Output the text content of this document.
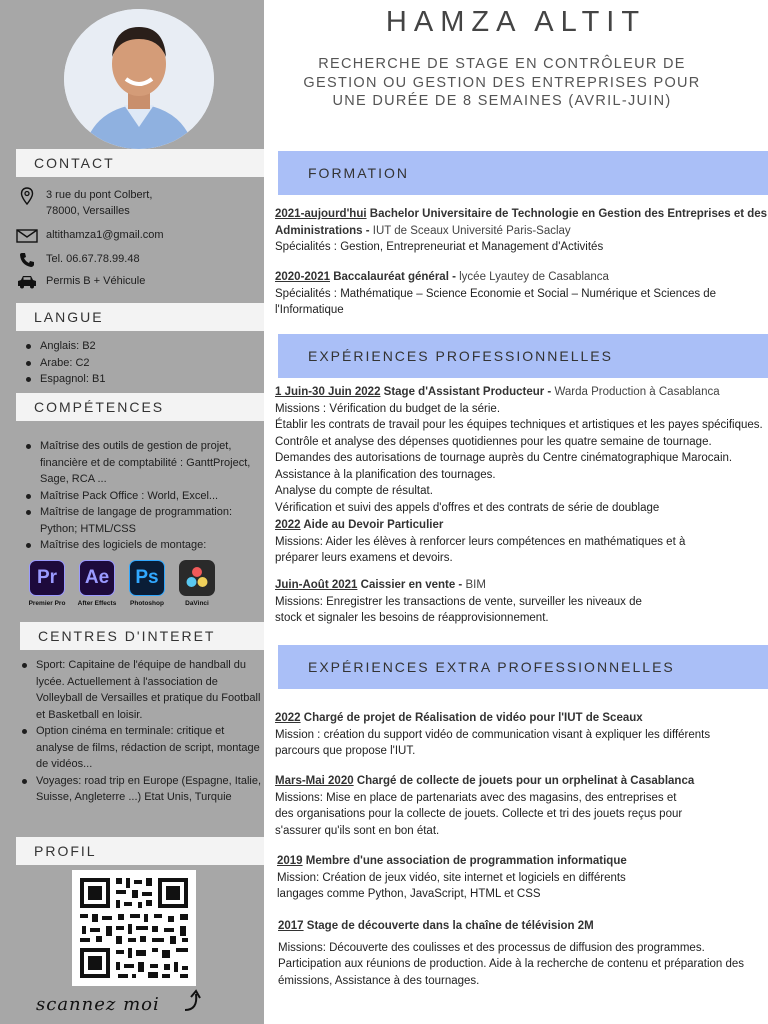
CONTACT
3 rue du pont Colbert,
78000, Versailles
altithamza1@gmail.com
Tel. 06.67.78.99.48
Permis B + Véhicule
LANGUE
Anglais: B2
Arabe: C2
Espagnol: B1
COMPÉTENCES
Maîtrise des outils de gestion de projet, financière et de comptabilité : GanttProject, Sage, RCA ...
Maîtrise Pack Office : World, Excel...
Maîtrise de langage de programmation: Python; HTML/CSS
Maîtrise des logiciels de montage:
Pr
Premier Pro
Ae
After Effects
Ps
Photoshop	DaVinci
CENTRES D'INTERET
Sport: Capitaine de l'équipe de handball du lycée. Actuellement à l'association de Volleyball de Versailles et pratique du Football et Basketball en loisir.
Option cinéma en terminale: critique et analyse de films, rédaction de script, montage de vidéos...
Voyages: road trip en Europe (Espagne, Italie, Suisse, Angleterre ...) Etat Unis, Turquie
PROFIL
scannez moi
HAMZA ALTIT
RECHERCHE DE STAGE EN CONTRÔLEUR DE GESTION OU GESTION DES ENTREPRISES POUR UNE DURÉE DE 8 SEMAINES (AVRIL-JUIN)
FORMATION

2021-aujourd'hui Bachelor Universitaire de Technologie en Gestion des Entreprises et des Administrations - IUT de Sceaux Université Paris-Saclay

Spécialités : Gestion, Entrepreneuriat et Management d'Activités

2020-2021 Baccalauréat général - lycée Lyautey de Casablanca

Spécialités : Mathématique – Science Economie et Social – Numérique et Sciences de l'Informatique

EXPÉRIENCES PROFESSIONNELLES

1 Juin-30 Juin 2022 Stage d'Assistant Producteur - Warda Production à Casablanca

Missions : Vérification du budget de la série.

Établir les contrats de travail pour les équipes techniques et artistiques et les payes spécifiques.

Contrôle et analyse des dépenses quotidiennes pour les quatre semaine de tournage.

Demandes des autorisations de tournage auprès du Centre cinématographique Marocain.

Assistance à la planification des tournages.

Analyse du compte de résultat.

Vérification et suivi des appels d'offres et des contrats de série de doublage

2022 Aide au Devoir Particulier

Missions: Aider les élèves à renforcer leurs compétences en mathématiques et à

préparer leurs examens et devoirs.

Juin-Août 2021 Caissier en vente - BIM

Missions: Enregistrer les transactions de vente, surveiller les niveaux de

stock et signaler les besoins de réapprovisionnement.

EXPÉRIENCES EXTRA PROFESSIONNELLES

2022 Chargé de projet de Réalisation de vidéo pour l'IUT de Sceaux

Mission : création du support vidéo de communication visant à expliquer les différents

parcours que propose l'IUT.

Mars-Mai 2020 Chargé de collecte de jouets pour un orphelinat à Casablanca

Missions: Mise en place de partenariats avec des magasins, des entreprises et

des organisations pour la collecte de jouets. Collecte et tri des jouets reçus pour

s'assurer qu'ils sont en bon état.

2019 Membre d'une association de programmation informatique

Mission: Création de jeux vidéo, site internet et logiciels en différents

langages comme Python, JavaScript, HTML et CSS

2017 Stage de découverte dans la chaîne de télévision 2M

Missions: Découverte des coulisses et des processus de diffusion des programmes.

Participation aux réunions de production. Aide à la recherche de contenu et préparation des

émissions, Assistance à des tournages.
